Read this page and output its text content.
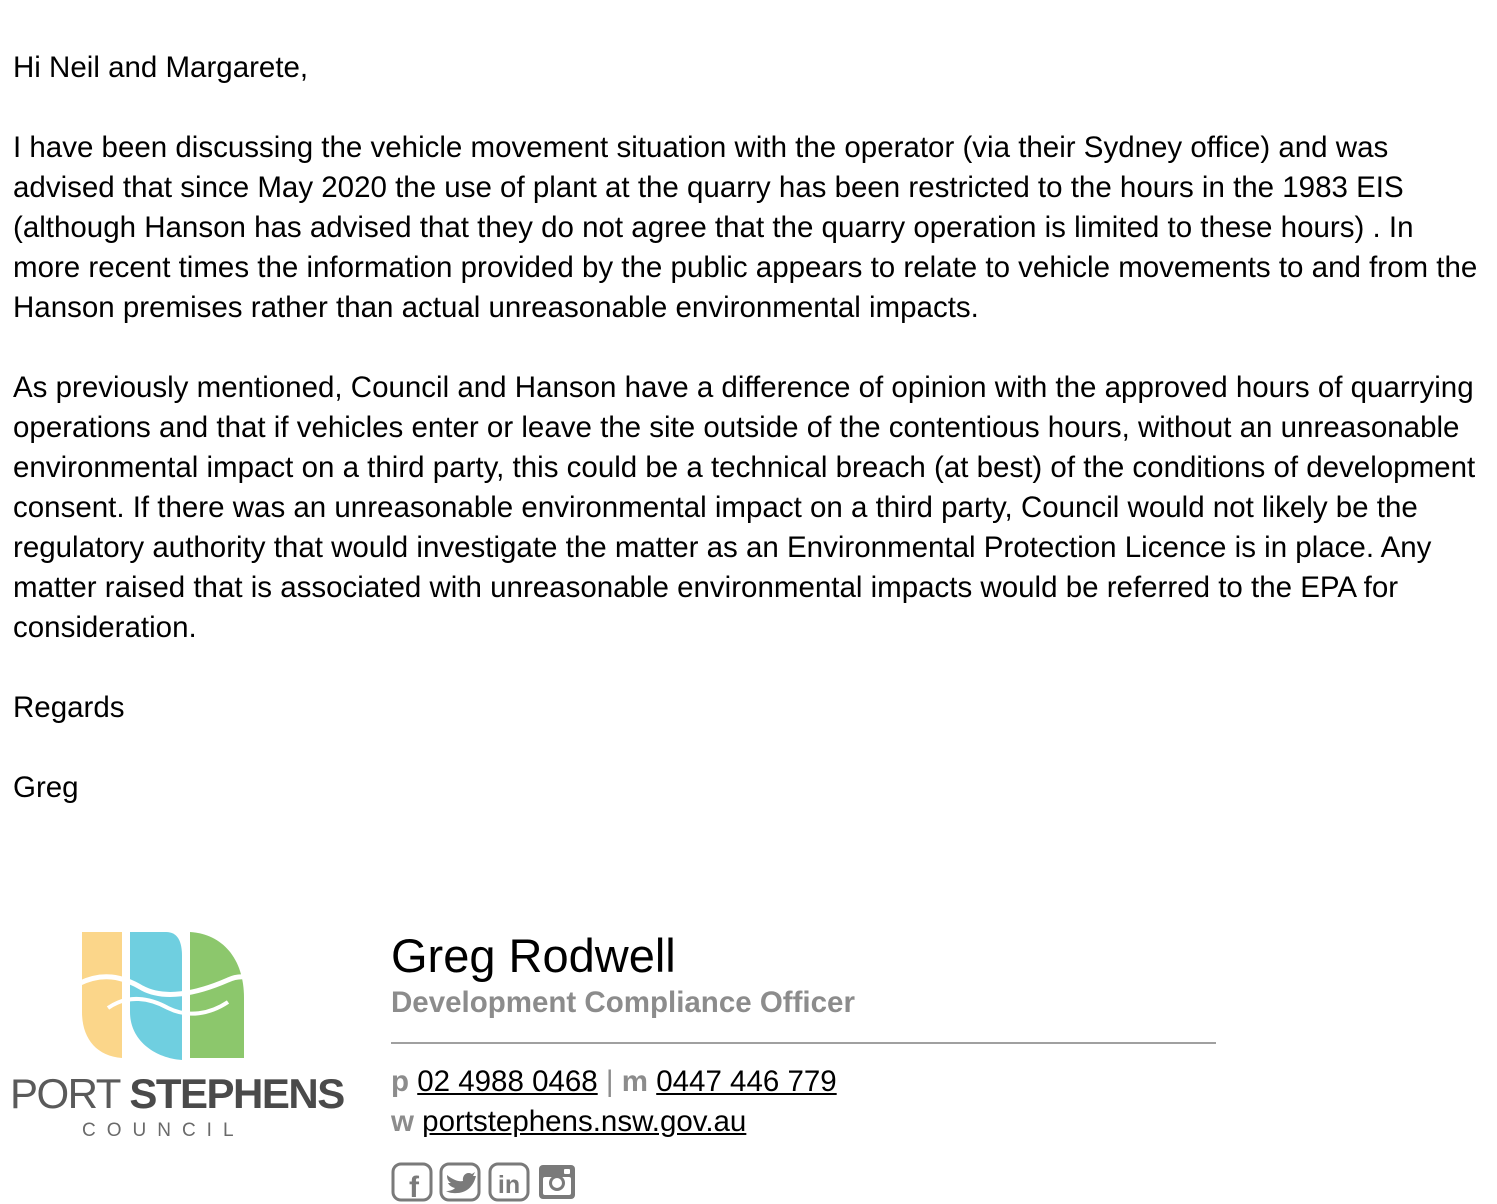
Hi Neil and Margarete,

I have been discussing the vehicle movement situation with the operator (via their Sydney office) and was advised that since May 2020 the use of plant at the quarry has been restricted to the hours in the 1983 EIS (although Hanson has advised that they do not agree that the quarry operation is limited to these hours) . In more recent times the information provided by the public appears to relate to vehicle movements to and from the Hanson premises rather than actual unreasonable environmental impacts.

As previously mentioned, Council and Hanson have a difference of opinion with the approved hours of quarrying operations and that if vehicles enter or leave the site outside of the contentious hours, without an unreasonable environmental impact on a third party, this could be a technical breach (at best) of the conditions of development consent. If there was an unreasonable environmental impact on a third party, Council would not likely be the regulatory authority that would investigate the matter as an Environmental Protection Licence is in place. Any matter raised that is associated with unreasonable environmental impacts would be referred to the EPA for consideration.

Regards

Greg

PORT STEPHENS
COUNCIL
Greg Rodwell
Development Compliance Officer
p 02 4988 0468 | m 0447 446 779
w portstephens.nsw.gov.au
f
	in
